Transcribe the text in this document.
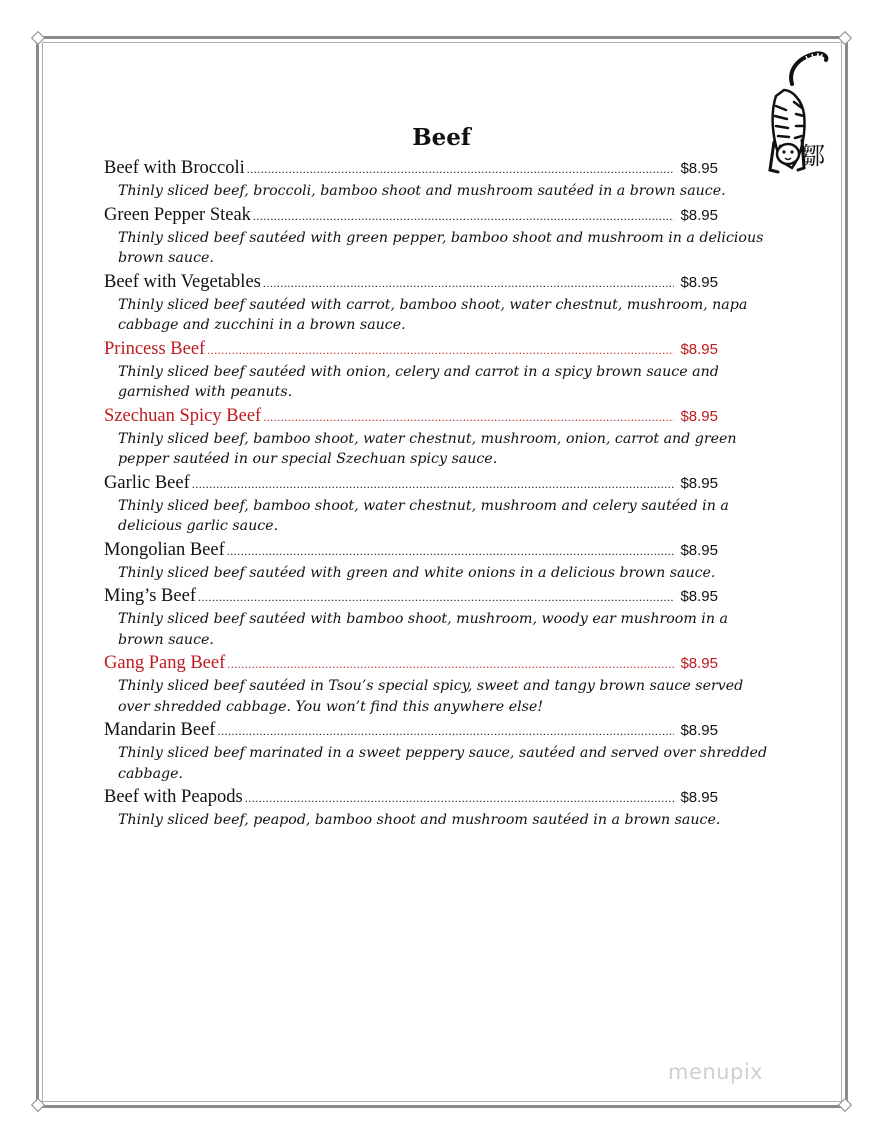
鄒
Beef
Beef with Broccoli .....	$8.95
Thinly sliced beef, broccoli, bamboo shoot and mushroom sautéed in a brown sauce.
Green Pepper Steak .....	$8.95
Thinly sliced beef sautéed with green pepper, bamboo shoot and mushroom in a delicious brown sauce.
Beef with Vegetables .....	$8.95
Thinly sliced beef sautéed with carrot, bamboo shoot, water chestnut, mushroom, napa cabbage and zucchini in a brown sauce.
Princess Beef .....	$8.95
Thinly sliced beef sautéed with onion, celery and carrot in a spicy brown sauce and garnished with peanuts.
Szechuan Spicy Beef .....	$8.95
Thinly sliced beef, bamboo shoot, water chestnut, mushroom, onion, carrot and green pepper sautéed in our special Szechuan spicy sauce.
Garlic Beef .....	$8.95
Thinly sliced beef, bamboo shoot, water chestnut, mushroom and celery sautéed in a delicious garlic sauce.
Mongolian Beef .....	$8.95
Thinly sliced beef sautéed with green and white onions in a delicious brown sauce.
Ming’s Beef .....	$8.95
Thinly sliced beef sautéed with bamboo shoot, mushroom, woody ear mushroom in a brown sauce.
Gang Pang Beef .....	$8.95
Thinly sliced beef sautéed in Tsou’s special spicy, sweet and tangy brown sauce served over shredded cabbage. You won’t find this anywhere else!
Mandarin Beef .....	$8.95
Thinly sliced beef marinated in a sweet peppery sauce, sautéed and served over shredded cabbage.
Beef with Peapods .....	$8.95
Thinly sliced beef, peapod, bamboo shoot and mushroom sautéed in a brown sauce.
menupix
